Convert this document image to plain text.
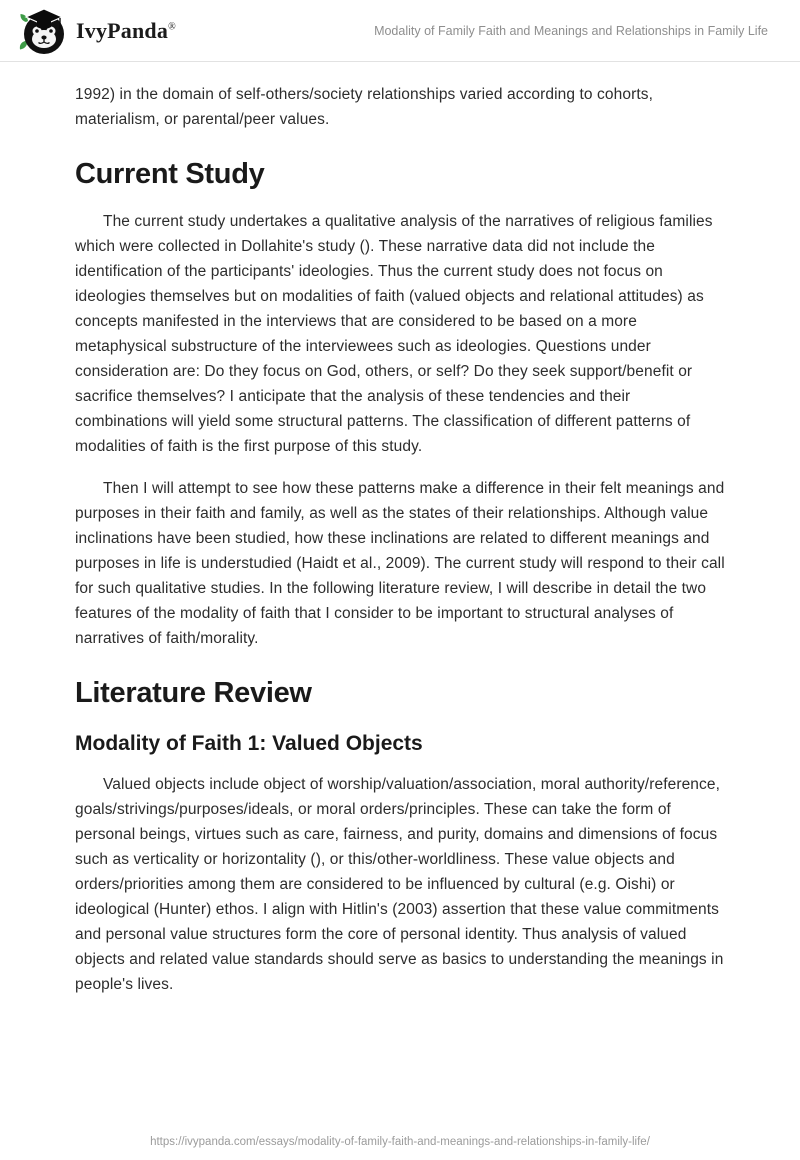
IvyPanda®	Modality of Family Faith and Meanings and Relationships in Family Life

1992) in the domain of self-others/society relationships varied according to cohorts, materialism, or parental/peer values.

Current Study

The current study undertakes a qualitative analysis of the narratives of religious families which were collected in Dollahite's study (). These narrative data did not include the identification of the participants' ideologies. Thus the current study does not focus on ideologies themselves but on modalities of faith (valued objects and relational attitudes) as concepts manifested in the interviews that are considered to be based on a more metaphysical substructure of the interviewees such as ideologies. Questions under consideration are: Do they focus on God, others, or self? Do they seek support/benefit or sacrifice themselves? I anticipate that the analysis of these tendencies and their combinations will yield some structural patterns. The classification of different patterns of modalities of faith is the first purpose of this study.

Then I will attempt to see how these patterns make a difference in their felt meanings and purposes in their faith and family, as well as the states of their relationships. Although value inclinations have been studied, how these inclinations are related to different meanings and purposes in life is understudied (Haidt et al., 2009). The current study will respond to their call for such qualitative studies. In the following literature review, I will describe in detail the two features of the modality of faith that I consider to be important to structural analyses of narratives of faith/morality.

Literature Review
Modality of Faith 1: Valued Objects

Valued objects include object of worship/valuation/association, moral authority/reference, goals/strivings/purposes/ideals, or moral orders/principles. These can take the form of personal beings, virtues such as care, fairness, and purity, domains and dimensions of focus such as verticality or horizontality (), or this/other-worldliness. These value objects and orders/priorities among them are considered to be influenced by cultural (e.g. Oishi) or ideological (Hunter) ethos. I align with Hitlin's (2003) assertion that these value commitments and personal value structures form the core of personal identity. Thus analysis of valued objects and related value standards should serve as basics to understanding the meanings in people's lives.

https://ivypanda.com/essays/modality-of-family-faith-and-meanings-and-relationships-in-family-life/
